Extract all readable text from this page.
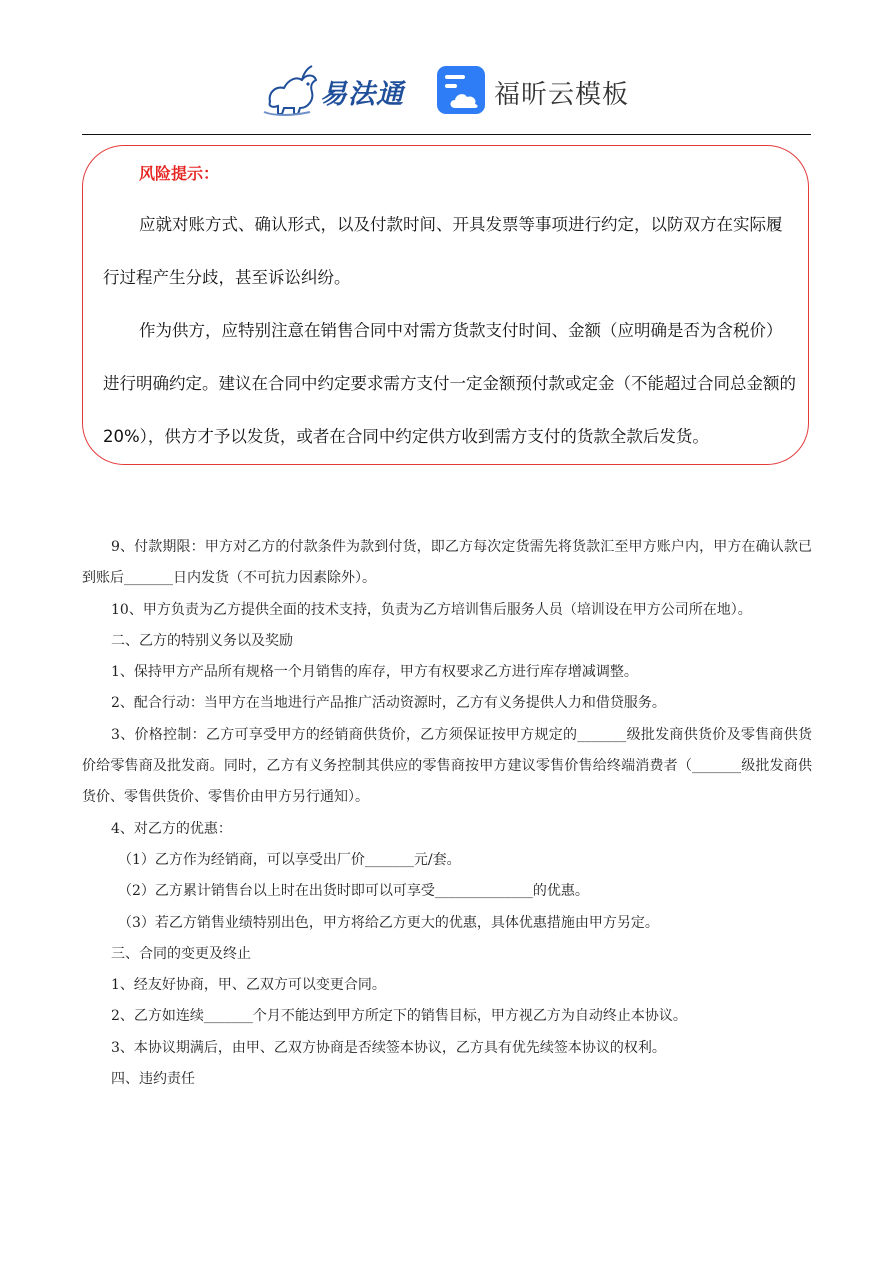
易法通	福昕云模板
风险提示：

应就对账方式、确认形式，以及付款时间、开具发票等事项进行约定，以防双方在实际履行过程产生分歧，甚至诉讼纠纷。

作为供方，应特别注意在销售合同中对需方货款支付时间、金额（应明确是否为含税价）进行明确约定。建议在合同中约定要求需方支付一定金额预付款或定金（不能超过合同总金额的 20%），供方才予以发货，或者在合同中约定供方收到需方支付的货款全款后发货。

9、付款期限：甲方对乙方的付款条件为款到付货，即乙方每次定货需先将货款汇至甲方账户内，甲方在确认款已到账后_______日内发货（不可抗力因素除外）。

10、甲方负责为乙方提供全面的技术支持，负责为乙方培训售后服务人员（培训设在甲方公司所在地）。

二、乙方的特别义务以及奖励

1、保持甲方产品所有规格一个月销售的库存，甲方有权要求乙方进行库存增减调整。

2、配合行动：当甲方在当地进行产品推广活动资源时，乙方有义务提供人力和借贷服务。

3、价格控制：乙方可享受甲方的经销商供货价，乙方须保证按甲方规定的_______级批发商供货价及零售商供货价给零售商及批发商。同时，乙方有义务控制其供应的零售商按甲方建议零售价售给终端消费者（_______级批发商供货价、零售供货价、零售价由甲方另行通知）。

4、对乙方的优惠：

（1）乙方作为经销商，可以享受出厂价_______元/套。

（2）乙方累计销售台以上时在出货时即可以可享受______________的优惠。

（3）若乙方销售业绩特别出色，甲方将给乙方更大的优惠，具体优惠措施由甲方另定。

三、合同的变更及终止

1、经友好协商，甲、乙双方可以变更合同。

2、乙方如连续_______个月不能达到甲方所定下的销售目标，甲方视乙方为自动终止本协议。

3、本协议期满后，由甲、乙双方协商是否续签本协议，乙方具有优先续签本协议的权利。

四、违约责任
